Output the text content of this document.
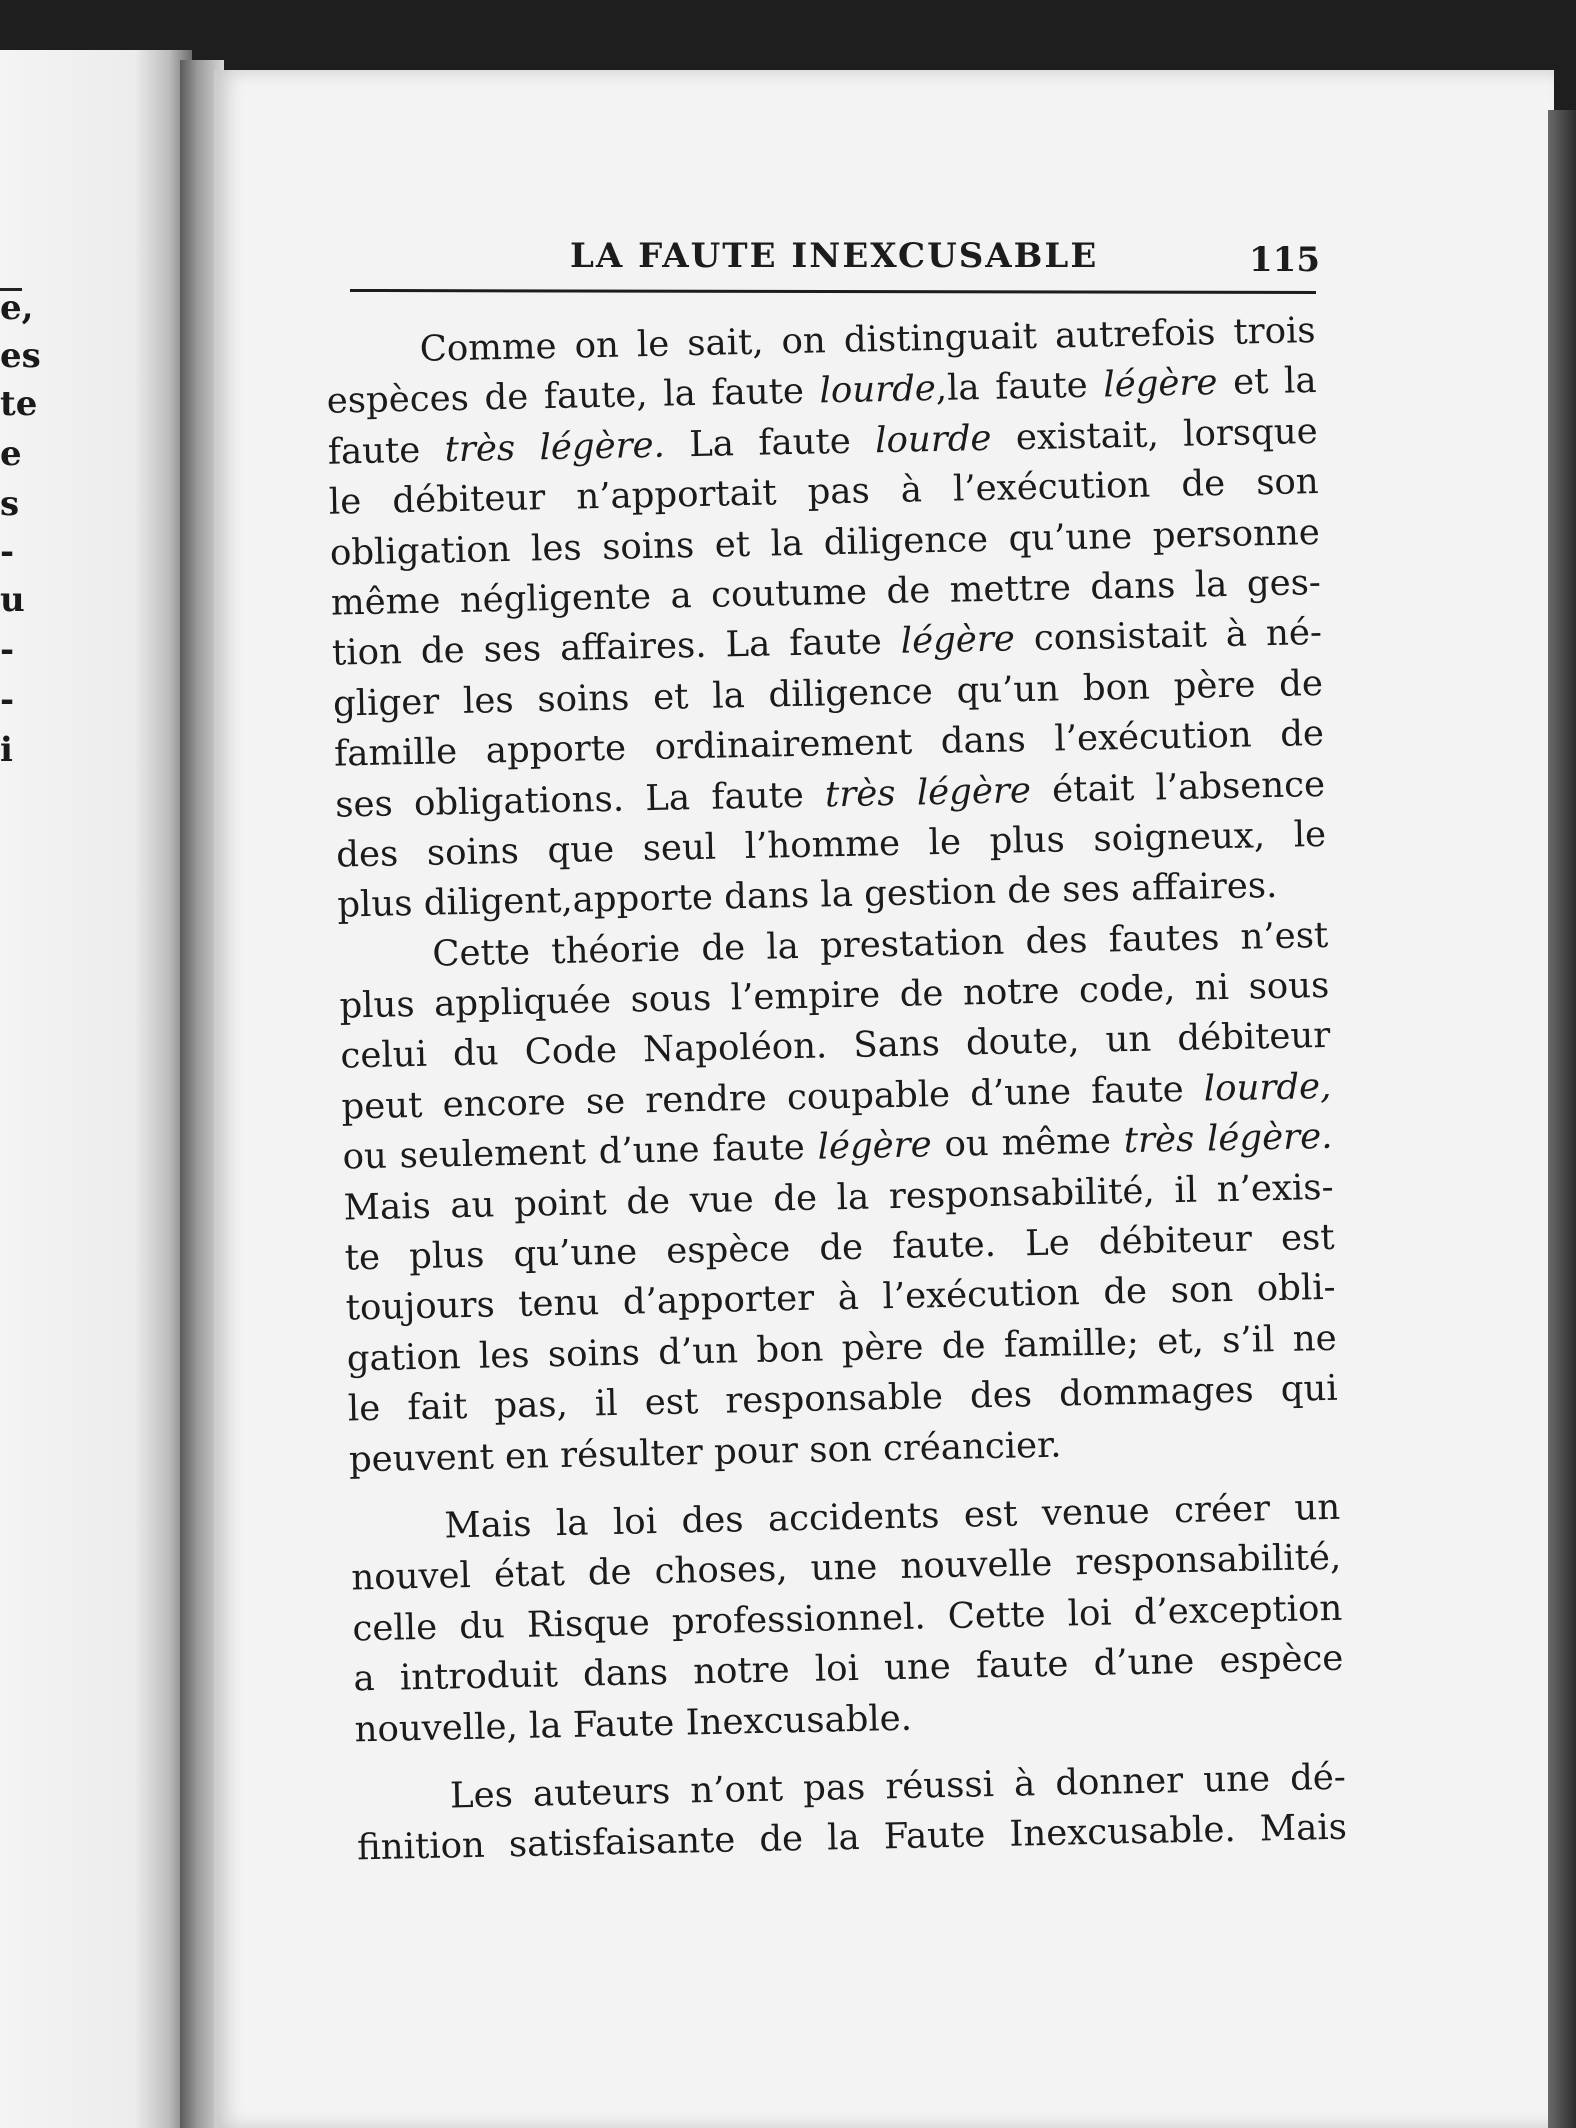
e,
es
te
e
s
-
u
-
-
i
LA FAUTE INEXCUSABLE	115
Comme on le sait, on distinguait autrefois trois
espèces de faute, la faute lourde,la faute légère et la
faute très légère. La faute lourde existait, lorsque
le débiteur n’apportait pas à l’exécution de son
obligation les soins et la diligence qu’une personne
même négligente a coutume de mettre dans la ges-
tion de ses affaires. La faute légère consistait à né-
gliger les soins et la diligence qu’un bon père de
famille apporte ordinairement dans l’exécution de
ses obligations. La faute très légère était l’absence
des soins que seul l’homme le plus soigneux, le
plus diligent,apporte dans la gestion de ses affaires.
Cette théorie de la prestation des fautes n’est
plus appliquée sous l’empire de notre code, ni sous
celui du Code Napoléon. Sans doute, un débiteur
peut encore se rendre coupable d’une faute lourde,
ou seulement d’une faute légère ou même très légère.
Mais au point de vue de la responsabilité, il n’exis-
te plus qu’une espèce de faute. Le débiteur est
toujours tenu d’apporter à l’exécution de son obli-
gation les soins d’un bon père de famille; et, s’il ne
le fait pas, il est responsable des dommages qui
peuvent en résulter pour son créancier.
Mais la loi des accidents est venue créer un
nouvel état de choses, une nouvelle responsabilité,
celle du Risque professionnel. Cette loi d’exception
a introduit dans notre loi une faute d’une espèce
nouvelle, la Faute Inexcusable.
Les auteurs n’ont pas réussi à donner une dé-
finition satisfaisante de la Faute Inexcusable. Mais
